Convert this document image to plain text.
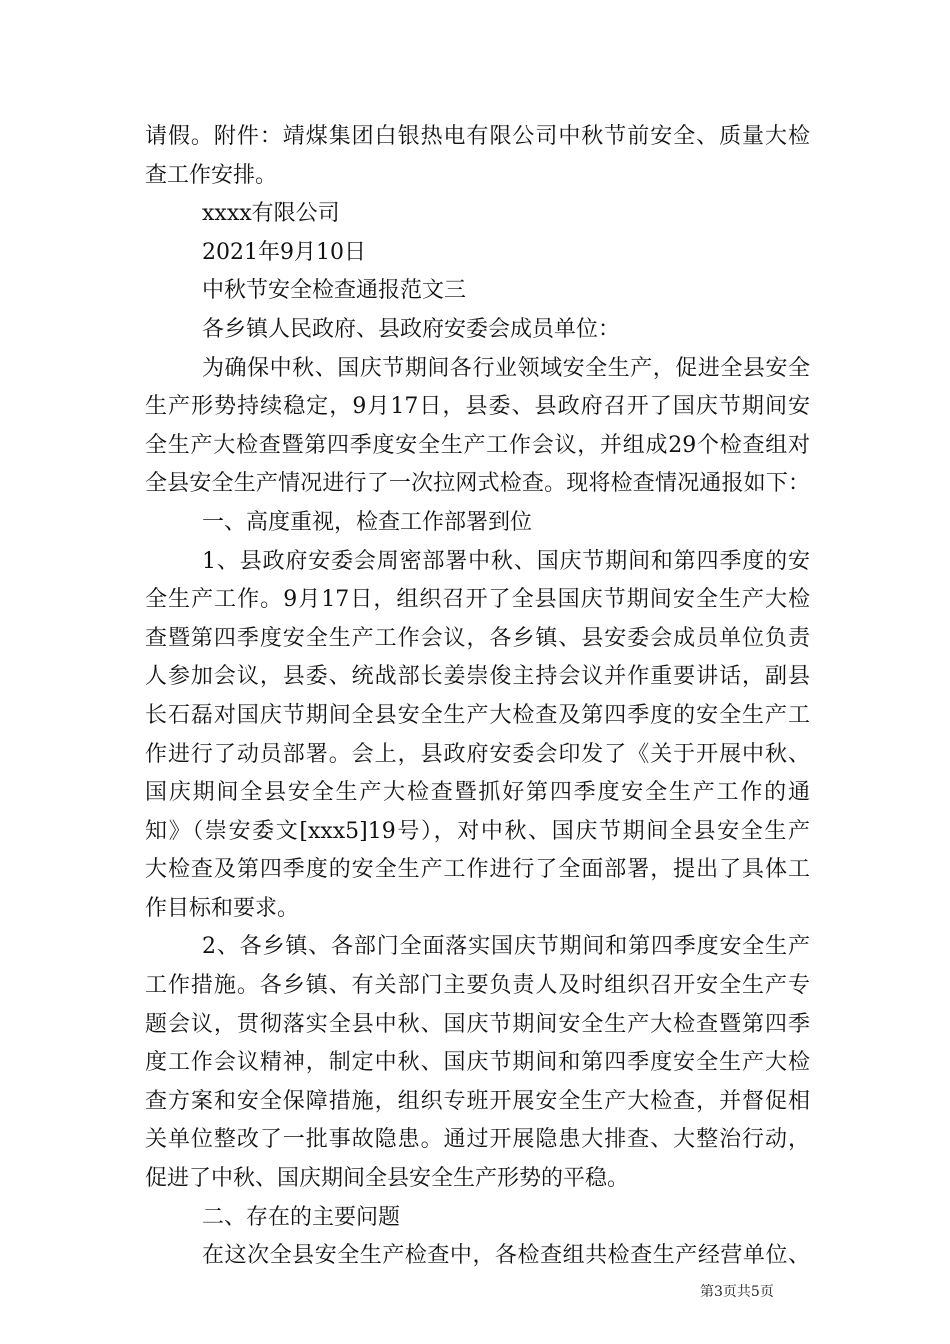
请假。附件：靖煤集团白银热电有限公司中秋节前安全、质量大检
查工作安排。
xxxx有限公司
2021年9月10日
中秋节安全检查通报范文三
各乡镇人民政府、县政府安委会成员单位：
为确保中秋、国庆节期间各行业领域安全生产，促进全县安全
生产形势持续稳定，9月17日，县委、县政府召开了国庆节期间安
全生产大检查暨第四季度安全生产工作会议，并组成29个检查组对
全县安全生产情况进行了一次拉网式检查。现将检查情况通报如下：
一、高度重视，检查工作部署到位
1、县政府安委会周密部署中秋、国庆节期间和第四季度的安
全生产工作。9月17日，组织召开了全县国庆节期间安全生产大检
查暨第四季度安全生产工作会议，各乡镇、县安委会成员单位负责
人参加会议，县委、统战部长姜崇俊主持会议并作重要讲话，副县
长石磊对国庆节期间全县安全生产大检查及第四季度的安全生产工
作进行了动员部署。会上，县政府安委会印发了《关于开展中秋、
国庆期间全县安全生产大检查暨抓好第四季度安全生产工作的通
知》（崇安委文[xxx5]19号），对中秋、国庆节期间全县安全生产
大检查及第四季度的安全生产工作进行了全面部署，提出了具体工
作目标和要求。
2、各乡镇、各部门全面落实国庆节期间和第四季度安全生产
工作措施。各乡镇、有关部门主要负责人及时组织召开安全生产专
题会议，贯彻落实全县中秋、国庆节期间安全生产大检查暨第四季
度工作会议精神，制定中秋、国庆节期间和第四季度安全生产大检
查方案和安全保障措施，组织专班开展安全生产大检查，并督促相
关单位整改了一批事故隐患。通过开展隐患大排查、大整治行动，
促进了中秋、国庆期间全县安全生产形势的平稳。
二、存在的主要问题
在这次全县安全生产检查中，各检查组共检查生产经营单位、
第3页共5页
